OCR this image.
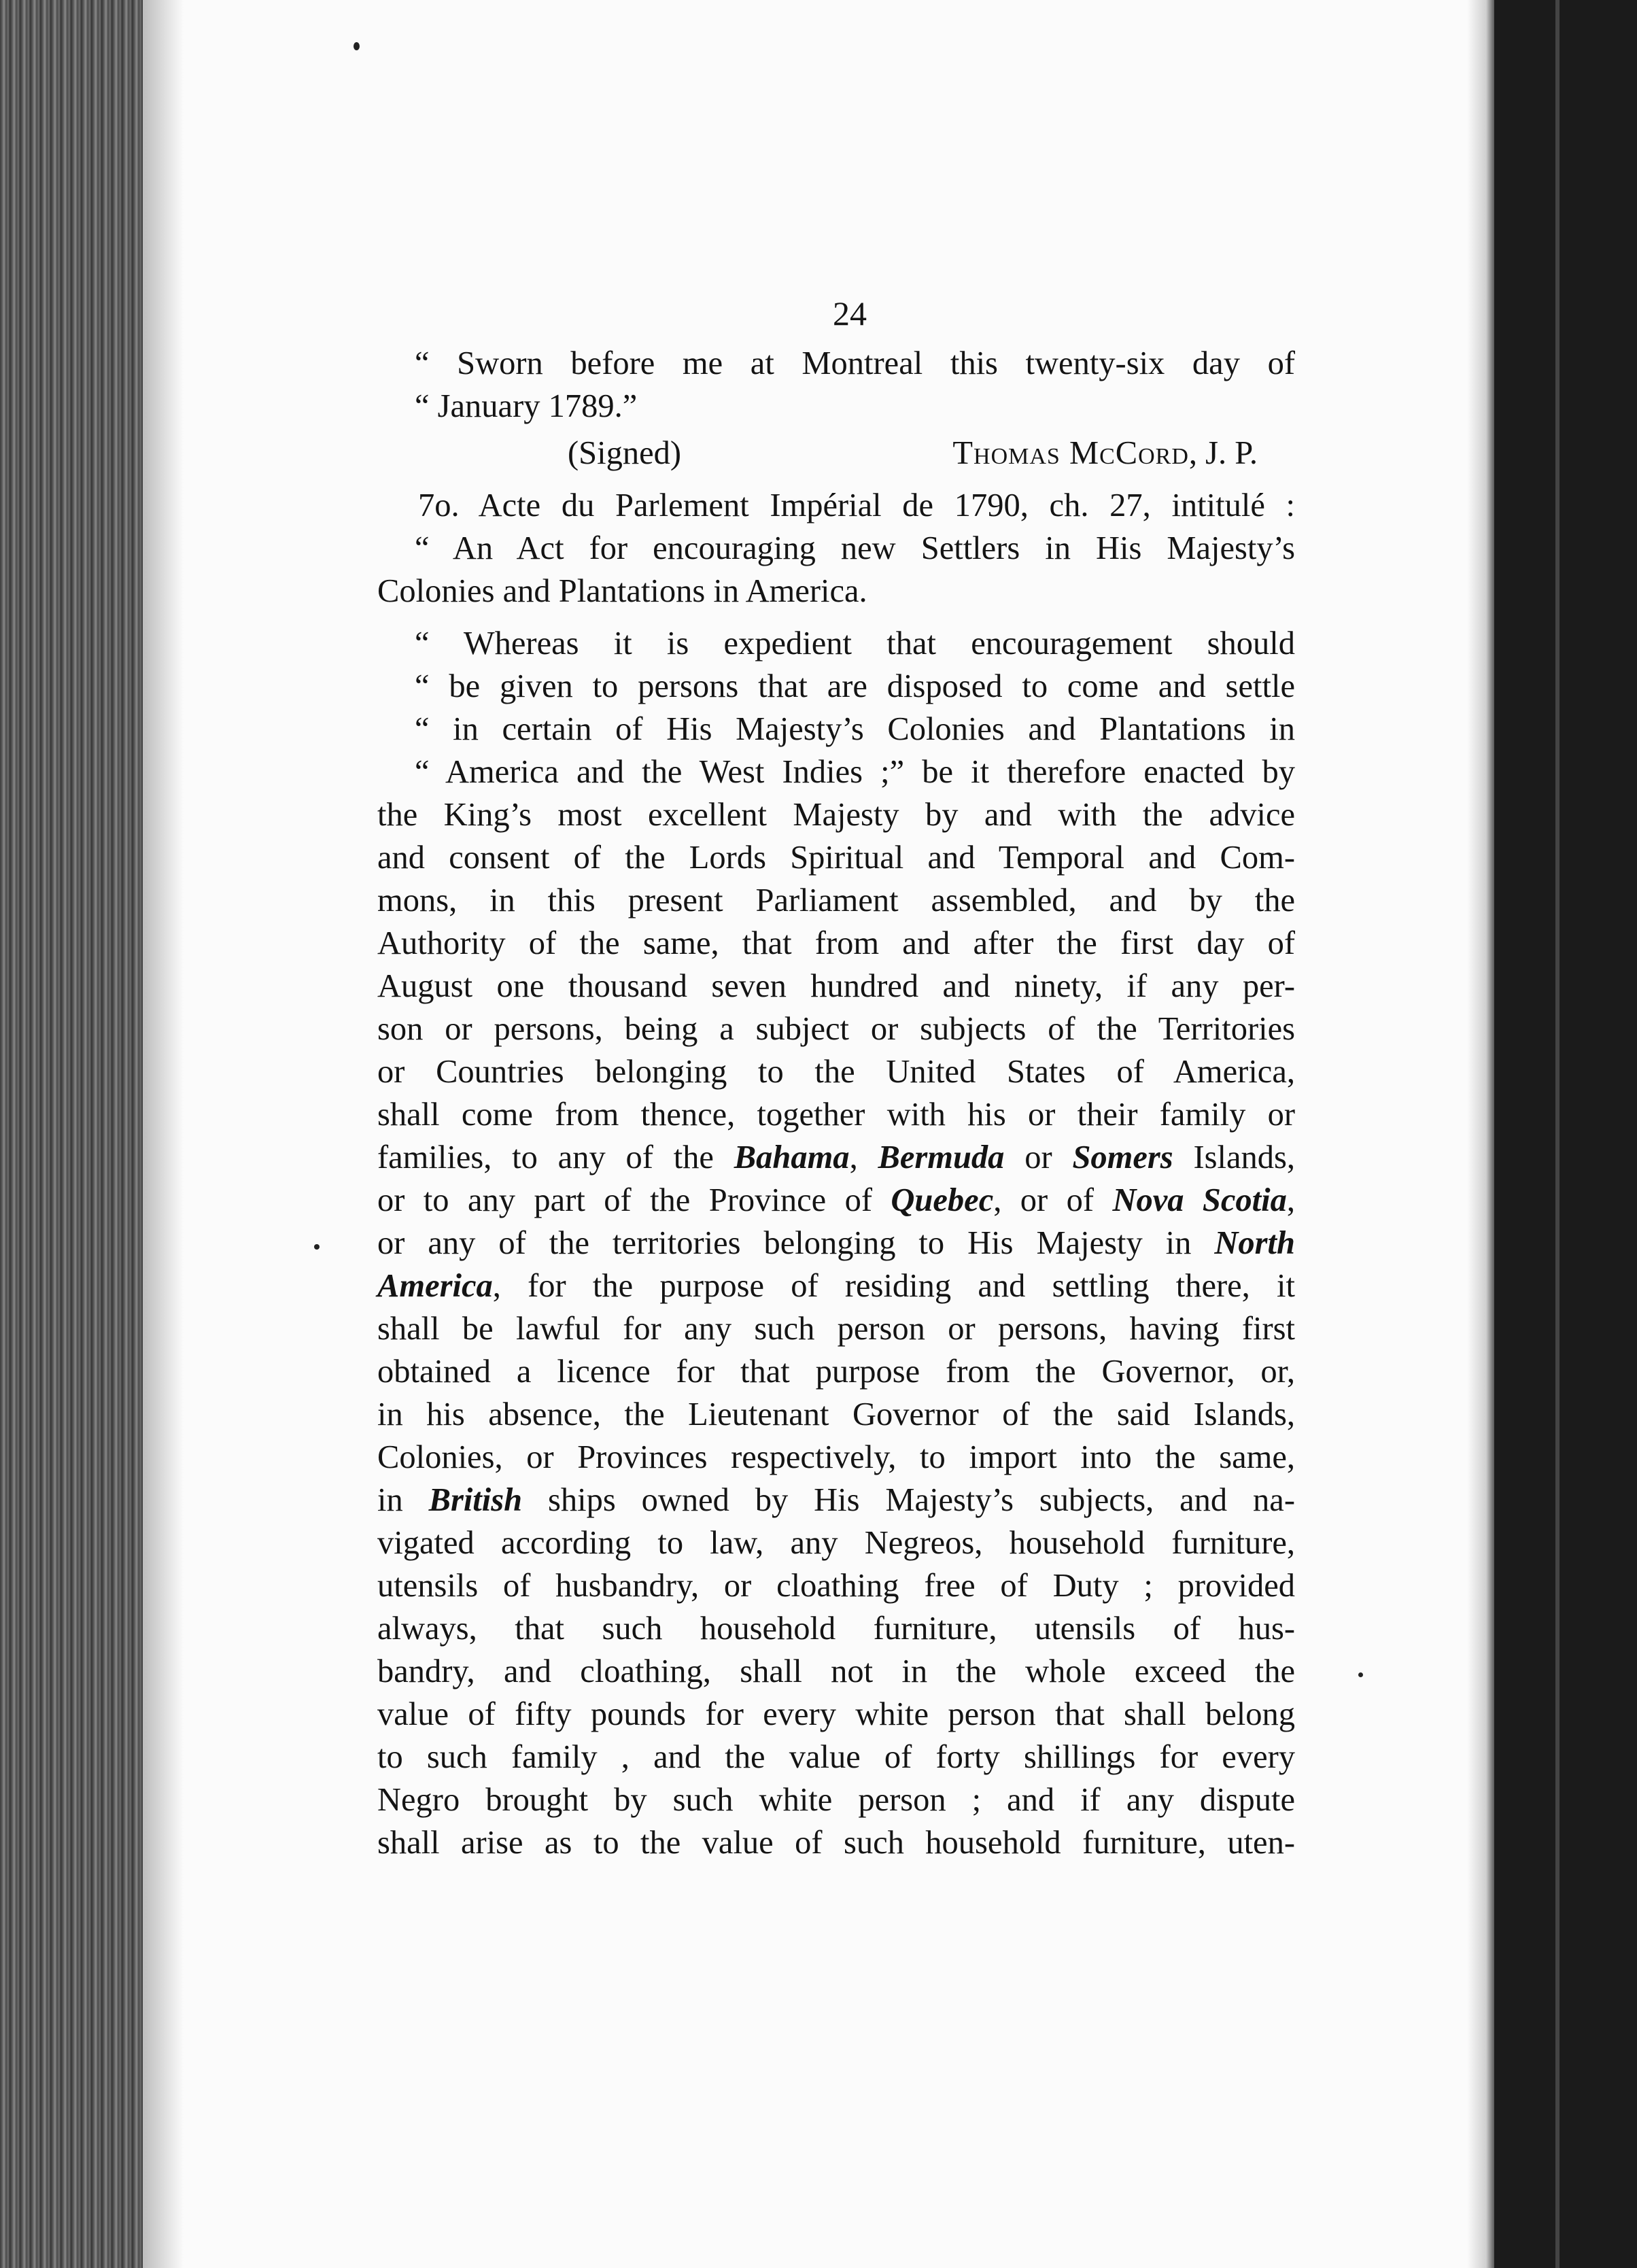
24
“ Sworn before me at Montreal this twenty-six day of
“ January 1789.”
(Signed)	Thomas McCord, J. P.
7o. Acte du Parlement Impérial de 1790, ch. 27, intitulé :
“ An Act for encouraging new Settlers in His Majesty’s
Colonies and Plantations in America.
“ Whereas it is expedient that encouragement should
“ be given to persons that are disposed to come and settle
“ in certain of His Majesty’s Colonies and Plantations in
“ America and the West Indies ;” be it therefore enacted by
the King’s most excellent Majesty by and with the advice
and consent of the Lords Spiritual and Temporal and Com-
mons, in this present Parliament assembled, and by the
Authority of the same, that from and after the first day of
August one thousand seven hundred and ninety, if any per-
son or persons, being a subject or subjects of the Territories
or Countries belonging to the United States of America,
shall come from thence, together with his or their family or
families, to any of the Bahama, Bermuda or Somers Islands,
or to any part of the Province of Quebec, or of Nova Scotia,
or any of the territories belonging to His Majesty in North
America, for the purpose of residing and settling there, it
shall be lawful for any such person or persons, having first
obtained a licence for that purpose from the Governor, or,
in his absence, the Lieutenant Governor of the said Islands,
Colonies, or Provinces respectively, to import into the same,
in British ships owned by His Majesty’s subjects, and na-
vigated according to law, any Negreos, household furniture,
utensils of husbandry, or cloathing free of Duty ; provided
always, that such household furniture, utensils of hus-
bandry, and cloathing, shall not in the whole exceed the
value of fifty pounds for every white person that shall belong
to such family , and the value of forty shillings for every
Negro brought by such white person ; and if any dispute
shall arise as to the value of such household furniture, uten-
